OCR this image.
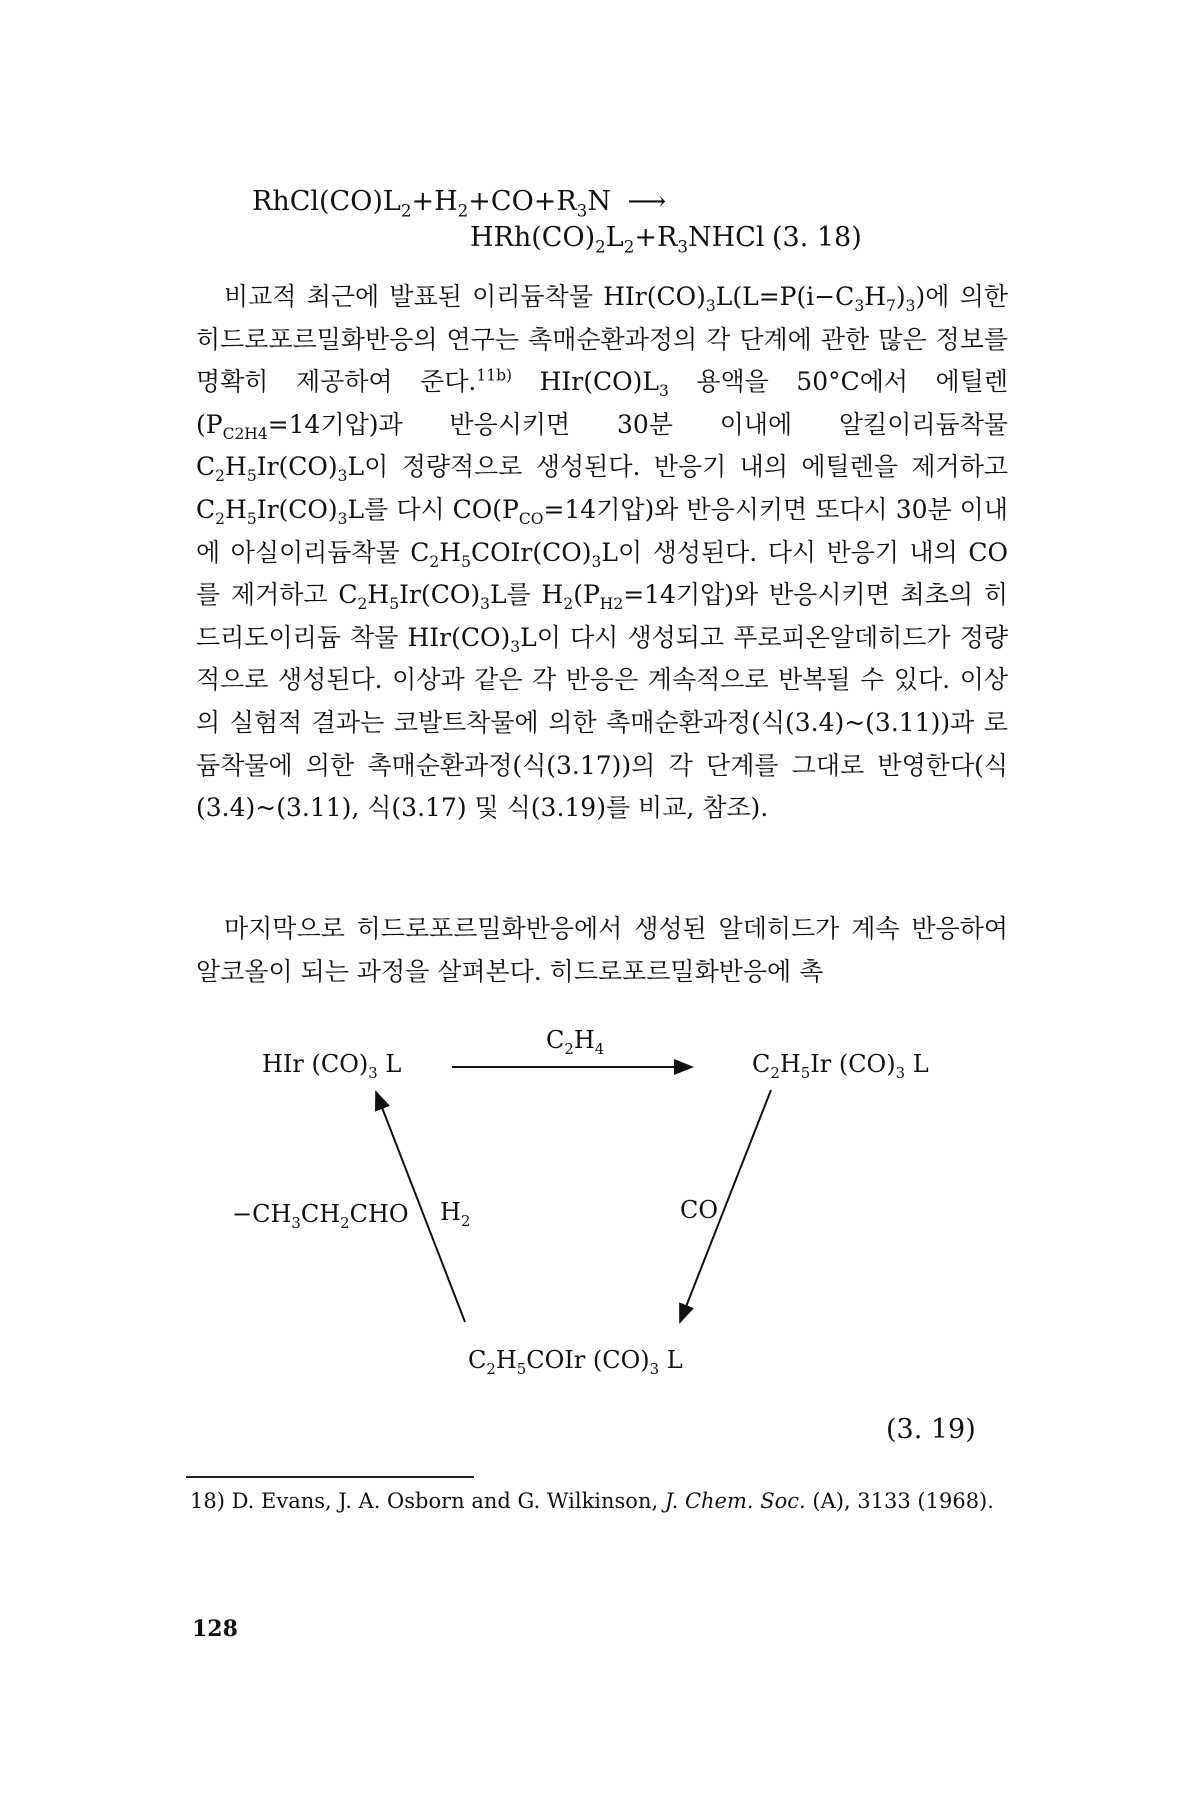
$RhCl(CO)L_2+H_2+CO+R_3N$ ⟶
$HRh(CO)_2L_2+R_3NHCl$ (3. 18)

비교적 최근에 발표된 이리듐착물 $HIr(CO)_3L(L=P(i-C_3H_7)_3)$에 의한 히드로포르밀화반응의 연구는 촉매순환과정의 각 단계에 관한 많은 정보를 명확히 제공하여 준다.$^{11b)}$ $HIr(CO)L_3$ 용액을 50°C에서 에틸렌($P_{C2H4}=14$기압)과 반응시키면 30분 이내에 알킬이리듐착물 $C_2H_5Ir(CO)_3L$이 정량적으로 생성된다. 반응기 내의 에틸렌을 제거하고 $C_2H_5Ir(CO)_3L$를 다시 $CO(P_{CO}=14$기압)와 반응시키면 또다시 30분 이내에 아실이리듐착물 $C_2H_5COIr(CO)_3L$이 생성된다. 다시 반응기 내의 CO를 제거하고 $C_2H_5Ir(CO)_3L$를 $H_2(P_{H2}=14$기압)와 반응시키면 최초의 히드리도이리듐 착물 $HIr(CO)_3L$이 다시 생성되고 푸로피온알데히드가 정량적으로 생성된다. 이상과 같은 각 반응은 계속적으로 반복될 수 있다. 이상의 실험적 결과는 코발트착물에 의한 촉매순환과정(식(3.4)~(3.11))과 로듐착물에 의한 촉매순환과정(식(3.17))의 각 단계를 그대로 반영한다(식(3.4)~(3.11), 식(3.17) 및 식(3.19)를 비교, 참조).

마지막으로 히드로포르밀화반응에서 생성된 알데히드가 계속 반응하여 알코올이 되는 과정을 살펴본다. 히드로포르밀화반응에 촉

HIr $(CO)_3$ L
$C_2H_4$
$C_2H_5Ir$ $(CO)_3$ L
$-CH_3CH_2CHO$ $H_2$	CO
$C_2H_5COIr$ $(CO)_3$ L
(3. 19)
18) D. Evans, J. A. Osborn and G. Wilkinson, J. Chem. Soc. (A), 3133 (1968).
128
